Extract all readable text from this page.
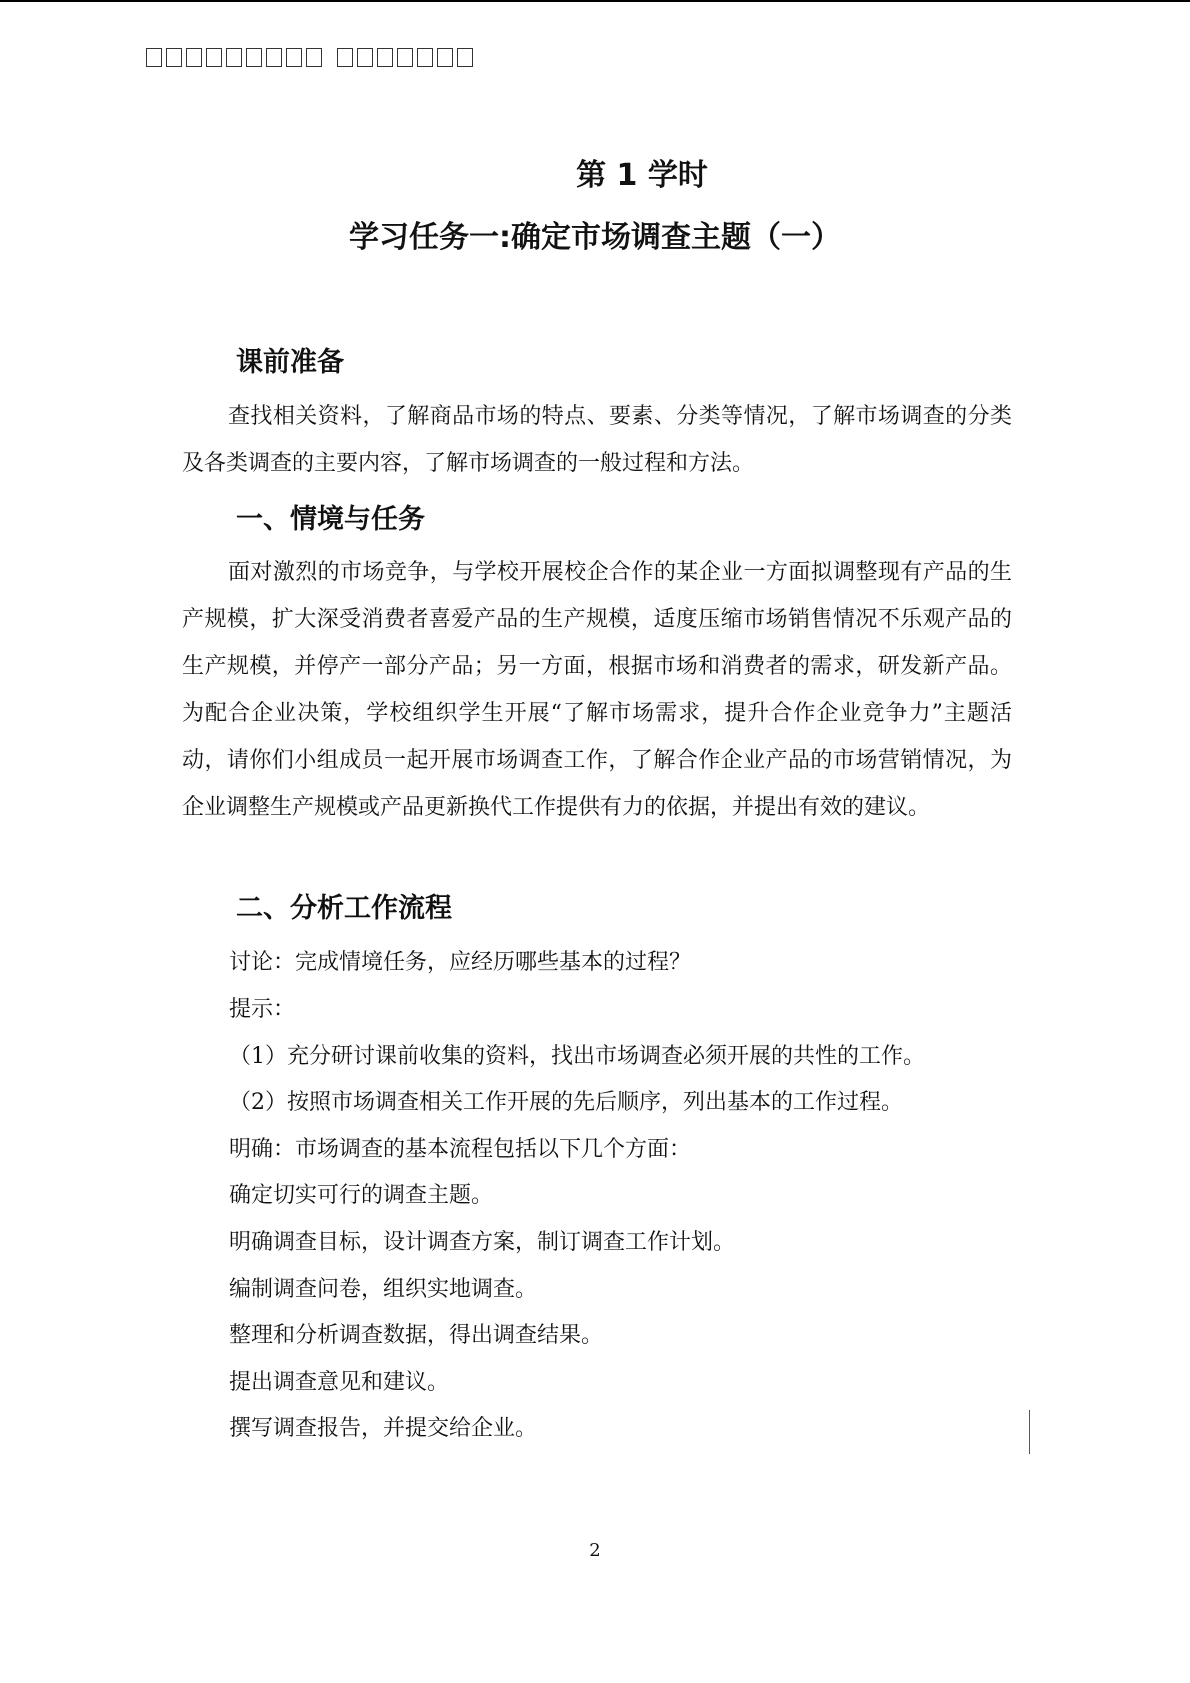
第 1 学时
学习任务一:确定市场调查主题（一）
课前准备
查找相关资料，了解商品市场的特点、要素、分类等情况，了解市场调查的分类及各类调查的主要内容，了解市场调查的一般过程和方法。
一、情境与任务
面对激烈的市场竞争，与学校开展校企合作的某企业一方面拟调整现有产品的生产规模，扩大深受消费者喜爱产品的生产规模，适度压缩市场销售情况不乐观产品的生产规模，并停产一部分产品；另一方面，根据市场和消费者的需求，研发新产品。为配合企业决策，学校组织学生开展“了解市场需求，提升合作企业竞争力”主题活动，请你们小组成员一起开展市场调查工作，了解合作企业产品的市场营销情况，为企业调整生产规模或产品更新换代工作提供有力的依据，并提出有效的建议。
二、分析工作流程
讨论：完成情境任务，应经历哪些基本的过程？
提示：
（1）充分研讨课前收集的资料，找出市场调查必须开展的共性的工作。
（2）按照市场调查相关工作开展的先后顺序，列出基本的工作过程。
明确：市场调查的基本流程包括以下几个方面：
确定切实可行的调查主题。
明确调查目标，设计调查方案，制订调查工作计划。
编制调查问卷，组织实地调查。
整理和分析调查数据，得出调查结果。
提出调查意见和建议。
撰写调查报告，并提交给企业。
2
